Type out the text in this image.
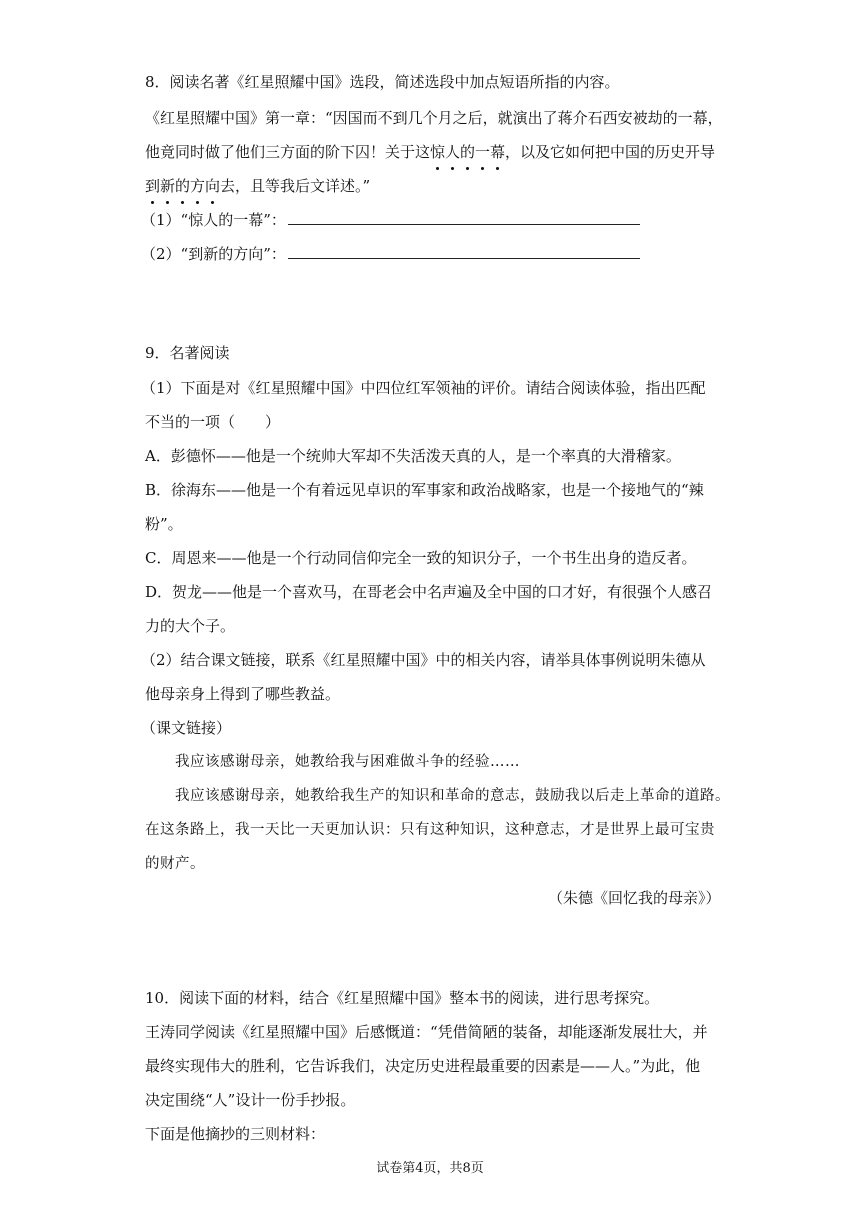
8．阅读名著《红星照耀中国》选段，简述选段中加点短语所指的内容。
《红星照耀中国》第一章：“因国而不到几个月之后，就演出了蒋介石西安被劫的一幕，
他竟同时做了他们三方面的阶下囚！关于这惊人的一幕
，以及它如何把中国的历史开导
到新的方向
去，且等我后文详述。”
（1）“惊人的一幕”：
（2）“到新的方向”：
9．名著阅读
（1）下面是对《红星照耀中国》中四位红军领袖的评价。请结合阅读体验，指出匹配
不当的一项（　　）
A．彭德怀——他是一个统帅大军却不失活泼天真的人，是一个率真的大滑稽家。
B．徐海东——他是一个有着远见卓识的军事家和政治战略家，也是一个接地气的“辣
粉”。
C．周恩来——他是一个行动同信仰完全一致的知识分子，一个书生出身的造反者。
D．贺龙——他是一个喜欢马，在哥老会中名声遍及全中国的口才好，有很强个人感召
力的大个子。
（2）结合课文链接，联系《红星照耀中国》中的相关内容，请举具体事例说明朱德从
他母亲身上得到了哪些教益。
（课文链接）
我应该感谢母亲，她教给我与困难做斗争的经验……
我应该感谢母亲，她教给我生产的知识和革命的意志，鼓励我以后走上革命的道路。
在这条路上，我一天比一天更加认识：只有这种知识，这种意志，才是世界上最可宝贵
的财产。
（朱德《回忆我的母亲》）
10．阅读下面的材料，结合《红星照耀中国》整本书的阅读，进行思考探究。
王涛同学阅读《红星照耀中国》后感慨道：“凭借简陋的装备，却能逐渐发展壮大，并
最终实现伟大的胜利，它告诉我们，决定历史进程最重要的因素是——人。”为此，他
决定围绕“人”设计一份手抄报。
下面是他摘抄的三则材料：
试卷第4页，共8页
